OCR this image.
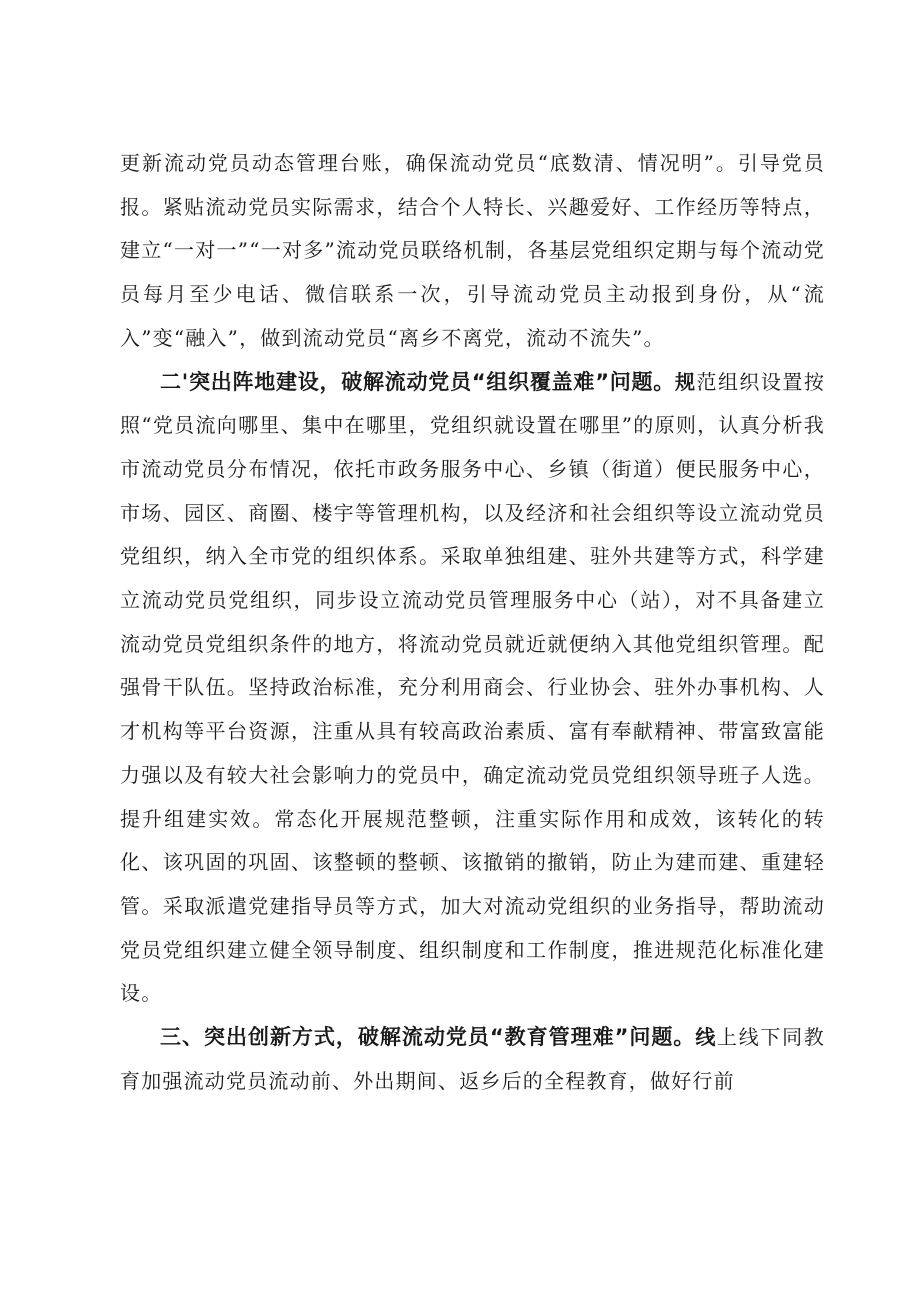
更新流动党员动态管理台账，确保流动党员“底数清、情况明”。引导党员报。紧贴流动党员实际需求，结合个人特长、兴趣爱好、工作经历等特点，建立“一对一”“一对多”流动党员联络机制，各基层党组织定期与每个流动党员每月至少电话、微信联系一次，引导流动党员主动报到身份，从“流入”变“融入”，做到流动党员“离乡不离党，流动不流失”。

二'突出阵地建设，破解流动党员“组织覆盖难”问题。规范组织设置按照“党员流向哪里、集中在哪里，党组织就设置在哪里”的原则，认真分析我市流动党员分布情况，依托市政务服务中心、乡镇（街道）便民服务中心，市场、园区、商圈、楼宇等管理机构，以及经济和社会组织等设立流动党员党组织，纳入全市党的组织体系。采取单独组建、驻外共建等方式，科学建立流动党员党组织，同步设立流动党员管理服务中心（站），对不具备建立流动党员党组织条件的地方，将流动党员就近就便纳入其他党组织管理。配强骨干队伍。坚持政治标准，充分利用商会、行业协会、驻外办事机构、人才机构等平台资源，注重从具有较高政治素质、富有奉献精神、带富致富能力强以及有较大社会影响力的党员中，确定流动党员党组织领导班子人选。提升组建实效。常态化开展规范整顿，注重实际作用和成效，该转化的转化、该巩固的巩固、该整顿的整顿、该撤销的撤销，防止为建而建、重建轻管。采取派遣党建指导员等方式，加大对流动党组织的业务指导，帮助流动党员党组织建立健全领导制度、组织制度和工作制度，推进规范化标准化建设。

三、突出创新方式，破解流动党员“教育管理难”问题。线上线下同教育加强流动党员流动前、外出期间、返乡后的全程教育，做好行前
